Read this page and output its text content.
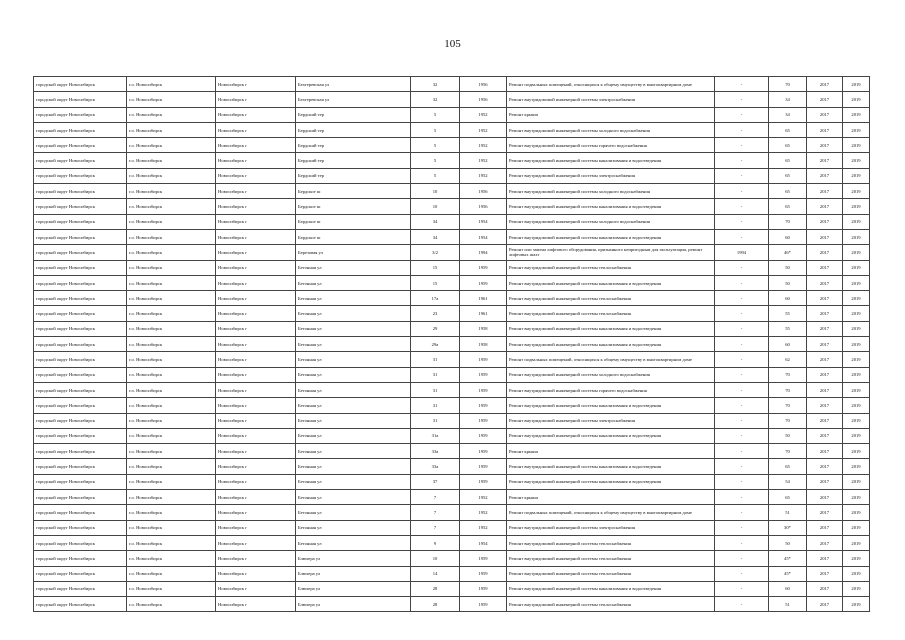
105
городской округ Новосибирск	г.о. Новосибирск	Новосибирск г	Бехтеревская ул	32	1956	Ремонт подвальных помещений, относящихся к общему имуществу в многоквартирном доме	-	70	2017	2019
городской округ Новосибирск	г.о. Новосибирск	Новосибирск г	Бехтеревская ул	32	1956	Ремонт внутридомовой инженерной системы электроснабжения	-	34	2017	2019
городской округ Новосибирск	г.о. Новосибирск	Новосибирск г	Бердский тер	5	1952	Ремонт крыши	-	34	2017	2019
городской округ Новосибирск	г.о. Новосибирск	Новосибирск г	Бердский тер	5	1952	Ремонт внутридомовой инженерной системы холодного водоснабжения	-	65	2017	2019
городской округ Новосибирск	г.о. Новосибирск	Новосибирск г	Бердский тер	5	1952	Ремонт внутридомовой инженерной системы горячего водоснабжения	-	65	2017	2019
городской округ Новосибирск	г.о. Новосибирск	Новосибирск г	Бердский тер	5	1952	Ремонт внутридомовой инженерной системы канализования и водоотведения	-	65	2017	2019
городской округ Новосибирск	г.о. Новосибирск	Новосибирск г	Бердский тер	5	1952	Ремонт внутридомовой инженерной системы электроснабжения	-	65	2017	2019
городской округ Новосибирск	г.о. Новосибирск	Новосибирск г	Бердское ш	10	1956	Ремонт внутридомовой инженерной системы холодного водоснабжения	-	65	2017	2019
городской округ Новосибирск	г.о. Новосибирск	Новосибирск г	Бердское ш	10	1956	Ремонт внутридомовой инженерной системы канализования и водоотведения	-	65	2017	2019
городской округ Новосибирск	г.о. Новосибирск	Новосибирск г	Бердское ш	34	1954	Ремонт внутридомовой инженерной системы холодного водоснабжения	-	70	2017	2019
городской округ Новосибирск	г.о. Новосибирск	Новосибирск г	Бердское ш	34	1954	Ремонт внутридомовой инженерной системы канализования и водоотведения	-	60	2017	2019
городской округ Новосибирск	г.о. Новосибирск	Новосибирск г	Березовая ул	3/2	1994	Ремонт или замена лифтового оборудования, признанного непригодным для эксплуатации, ремонт лифтовых шахт	1994	46*	2017	2019
городской округ Новосибирск	г.о. Новосибирск	Новосибирск г	Бетонная ул	15	1959	Ремонт внутридомовой инженерной системы теплоснабжения	-	50	2017	2019
городской округ Новосибирск	г.о. Новосибирск	Новосибирск г	Бетонная ул	15	1959	Ремонт внутридомовой инженерной системы канализования и водоотведения	-	50	2017	2019
городской округ Новосибирск	г.о. Новосибирск	Новосибирск г	Бетонная ул	17а	1961	Ремонт внутридомовой инженерной системы теплоснабжения	-	60	2017	2019
городской округ Новосибирск	г.о. Новосибирск	Новосибирск г	Бетонная ул	23	1961	Ремонт внутридомовой инженерной системы теплоснабжения	-	55	2017	2019
городской округ Новосибирск	г.о. Новосибирск	Новосибирск г	Бетонная ул	29	1958	Ремонт внутридомовой инженерной системы канализования и водоотведения	-	55	2017	2019
городской округ Новосибирск	г.о. Новосибирск	Новосибирск г	Бетонная ул	29а	1958	Ремонт внутридомовой инженерной системы канализования и водоотведения	-	60	2017	2019
городской округ Новосибирск	г.о. Новосибирск	Новосибирск г	Бетонная ул	31	1959	Ремонт подвальных помещений, относящихся к общему имуществу в многоквартирном доме	-	62	2017	2019
городской округ Новосибирск	г.о. Новосибирск	Новосибирск г	Бетонная ул	31	1959	Ремонт внутридомовой инженерной системы холодного водоснабжения	-	70	2017	2019
городской округ Новосибирск	г.о. Новосибирск	Новосибирск г	Бетонная ул	31	1959	Ремонт внутридомовой инженерной системы горячего водоснабжения	-	70	2017	2019
городской округ Новосибирск	г.о. Новосибирск	Новосибирск г	Бетонная ул	31	1959	Ремонт внутридомовой инженерной системы канализования и водоотведения	-	70	2017	2019
городской округ Новосибирск	г.о. Новосибирск	Новосибирск г	Бетонная ул	31	1959	Ремонт внутридомовой инженерной системы электроснабжения	-	70	2017	2019
городской округ Новосибирск	г.о. Новосибирск	Новосибирск г	Бетонная ул	31а	1959	Ремонт внутридомовой инженерной системы канализования и водоотведения	-	50	2017	2019
городской округ Новосибирск	г.о. Новосибирск	Новосибирск г	Бетонная ул	33а	1959	Ремонт крыши	-	70	2017	2019
городской округ Новосибирск	г.о. Новосибирск	Новосибирск г	Бетонная ул	33а	1959	Ремонт внутридомовой инженерной системы канализования и водоотведения	-	65	2017	2019
городской округ Новосибирск	г.о. Новосибирск	Новосибирск г	Бетонная ул	37	1959	Ремонт внутридомовой инженерной системы канализования и водоотведения	-	54	2017	2019
городской округ Новосибирск	г.о. Новосибирск	Новосибирск г	Бетонная ул	7	1952	Ремонт крыши	-	65	2017	2019
городской округ Новосибирск	г.о. Новосибирск	Новосибирск г	Бетонная ул	7	1952	Ремонт подвальных помещений, относящихся к общему имуществу в многоквартирном доме	-	51	2017	2019
городской округ Новосибирск	г.о. Новосибирск	Новосибирск г	Бетонная ул	7	1952	Ремонт внутридомовой инженерной системы электроснабжения	-	30*	2017	2019
городской округ Новосибирск	г.о. Новосибирск	Новосибирск г	Бетонная ул	9	1954	Ремонт внутридомовой инженерной системы теплоснабжения	-	50	2017	2019
городской округ Новосибирск	г.о. Новосибирск	Новосибирск г	Блюхера ул	10	1959	Ремонт внутридомовой инженерной системы теплоснабжения	-	45*	2017	2019
городской округ Новосибирск	г.о. Новосибирск	Новосибирск г	Блюхера ул	14	1959	Ремонт внутридомовой инженерной системы теплоснабжения	-	45*	2017	2019
городской округ Новосибирск	г.о. Новосибирск	Новосибирск г	Блюхера ул	28	1959	Ремонт внутридомовой инженерной системы канализования и водоотведения	-	60	2017	2019
городской округ Новосибирск	г.о. Новосибирск	Новосибирск г	Блюхера ул	28	1959	Ремонт внутридомовой инженерной системы теплоснабжения	-	51	2017	2019
